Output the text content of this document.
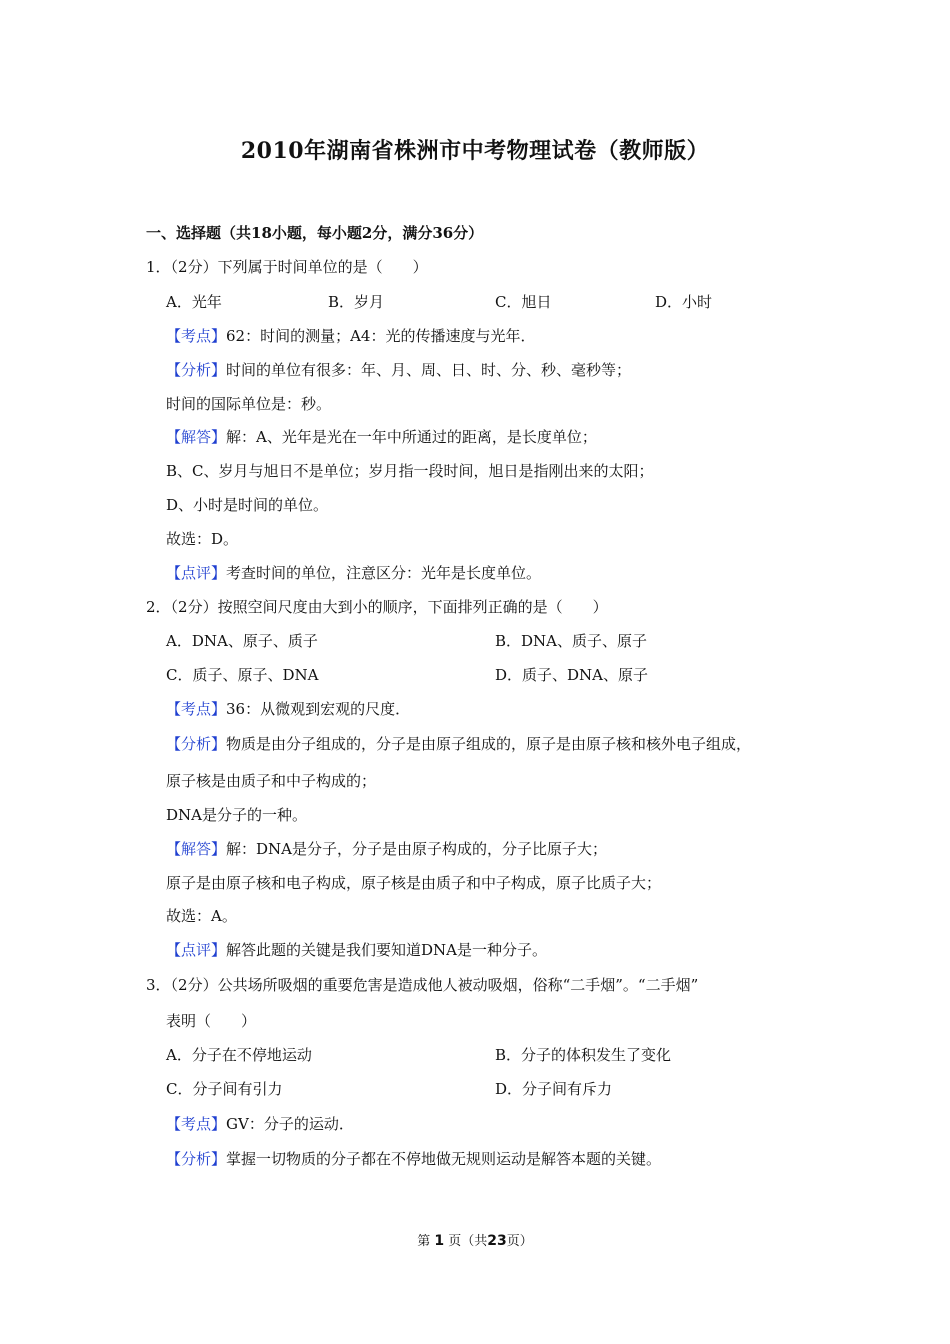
2010年湖南省株洲市中考物理试卷（教师版）
一、选择题（共18小题，每小题2分，满分36分）
1．（2分）下列属于时间单位的是（　　）
A．光年	B．岁月	C．旭日	D．小时
【考点】62：时间的测量；A4：光的传播速度与光年．
【分析】时间的单位有很多：年、月、周、日、时、分、秒、毫秒等；
时间的国际单位是：秒。
【解答】解：A、光年是光在一年中所通过的距离，是长度单位；
B、C、岁月与旭日不是单位；岁月指一段时间，旭日是指刚出来的太阳；
D、小时是时间的单位。
故选：D。
【点评】考查时间的单位，注意区分：光年是长度单位。
2．（2分）按照空间尺度由大到小的顺序，下面排列正确的是（　　）
A．DNA、原子、质子	B．DNA、质子、原子
C．质子、原子、DNA	D．质子、DNA、原子
【考点】36：从微观到宏观的尺度．
【分析】物质是由分子组成的，分子是由原子组成的，原子是由原子核和核外电子组成，
原子核是由质子和中子构成的；
DNA是分子的一种。
【解答】解：DNA是分子，分子是由原子构成的，分子比原子大；
原子是由原子核和电子构成，原子核是由质子和中子构成，原子比质子大；
故选：A。
【点评】解答此题的关键是我们要知道DNA是一种分子。
3．（2分）公共场所吸烟的重要危害是造成他人被动吸烟，俗称“二手烟”。“二手烟”
表明（　　）
A．分子在不停地运动	B．分子的体积发生了变化
C．分子间有引力	D．分子间有斥力
【考点】GV：分子的运动．
【分析】掌握一切物质的分子都在不停地做无规则运动是解答本题的关键。
第 1 页（共23页）
